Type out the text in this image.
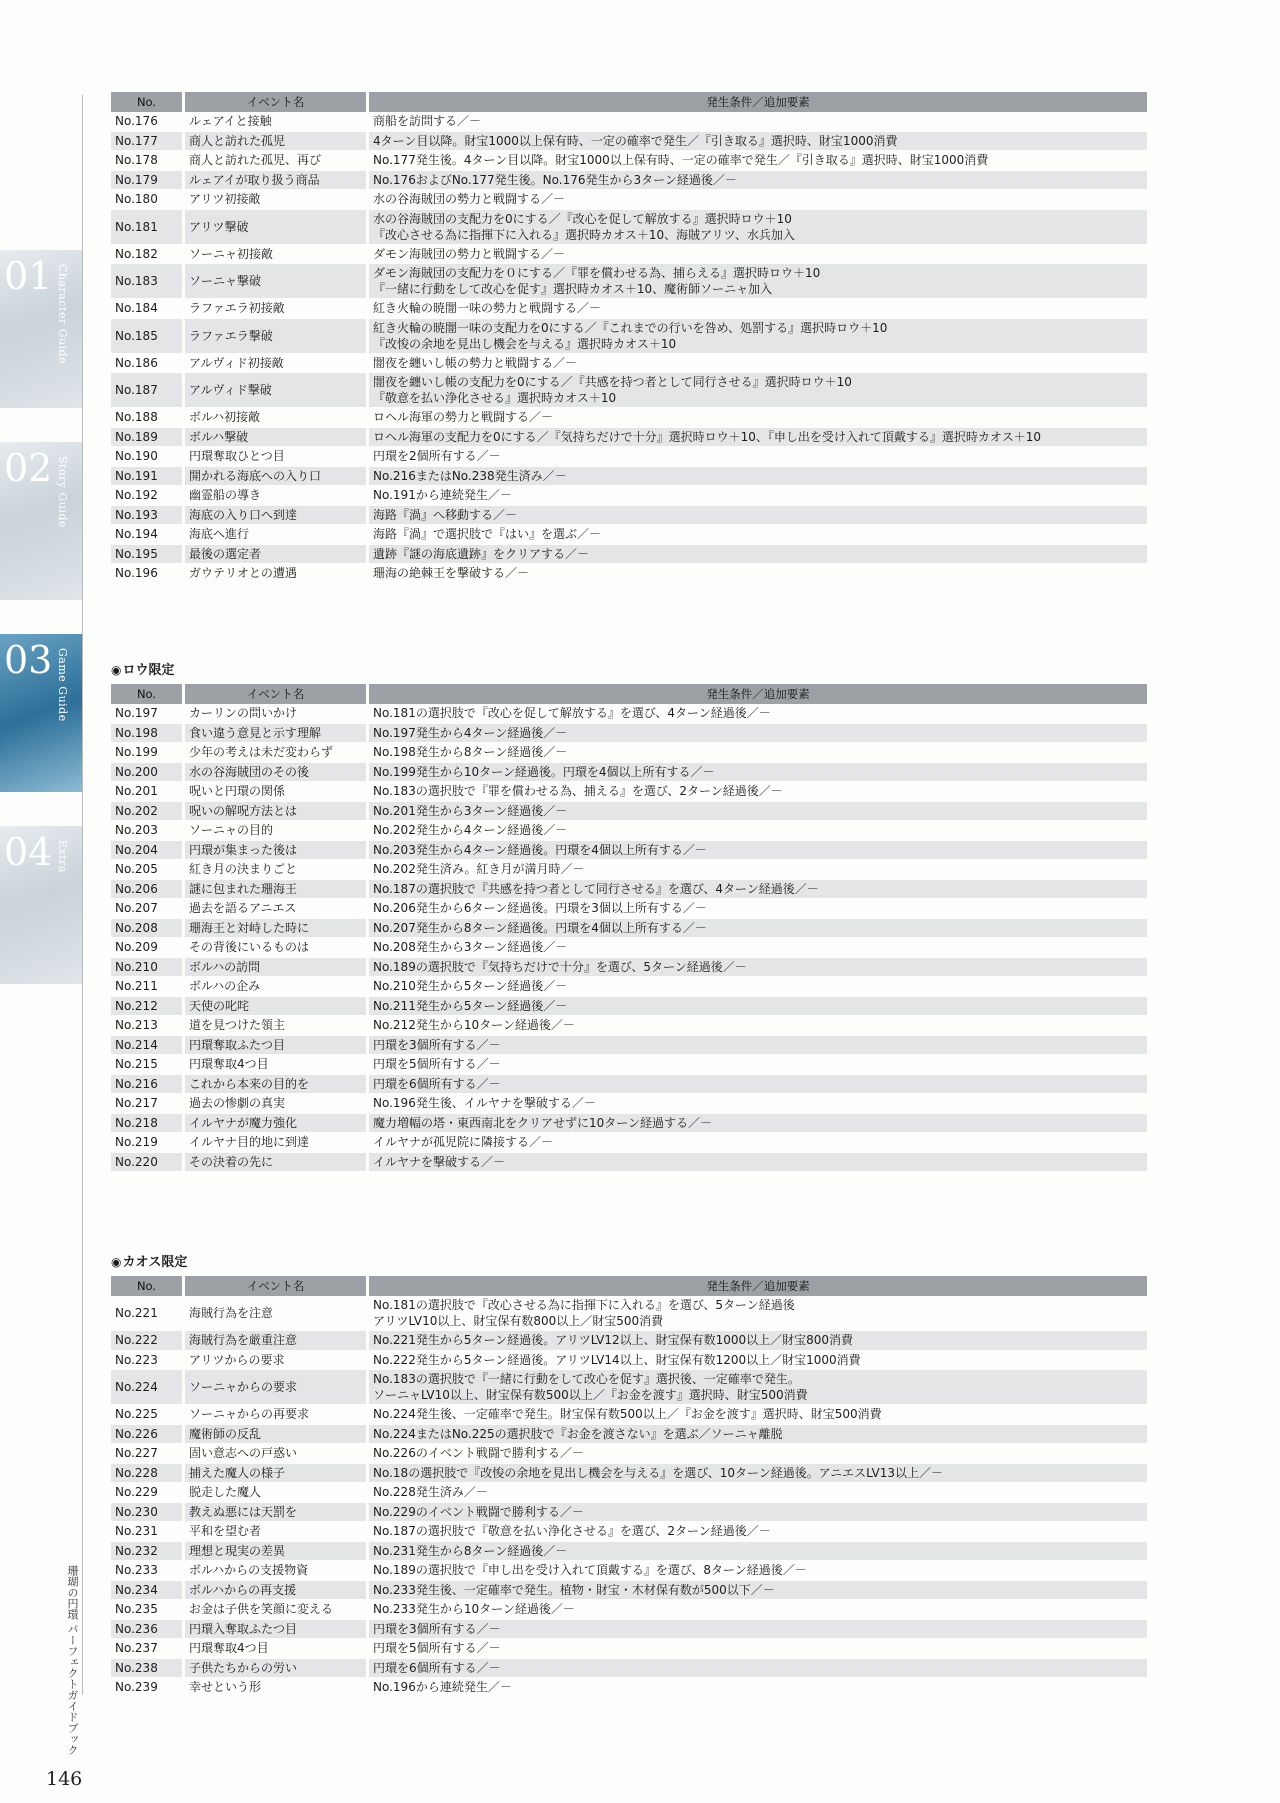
01 Character Guide
02 Story Guide
03 Game Guide
04 Extra
No.	イベント名	発生条件／追加要素
No.176	ルェアイと接触	商船を訪問する／－

No.177	商人と訪れた孤児	4ターン目以降。財宝1000以上保有時、一定の確率で発生／『引き取る』選択時、財宝1000消費

No.178	商人と訪れた孤児、再び	No.177発生後。4ターン目以降。財宝1000以上保有時、一定の確率で発生／『引き取る』選択時、財宝1000消費

No.179	ルェアイが取り扱う商品	No.176およびNo.177発生後。No.176発生から3ターン経過後／－

No.180	アリツ初接敵	水の谷海賊団の勢力と戦闘する／－

No.181	アリツ撃破	水の谷海賊団の支配力を0にする／『改心を促して解放する』選択時ロウ＋10
『改心させる為に指揮下に入れる』選択時カオス＋10、海賊アリツ、水兵加入

No.182	ソーニャ初接敵	ダモン海賊団の勢力と戦闘する／－

No.183	ソーニャ撃破	ダモン海賊団の支配力を０にする／『罪を償わせる為、捕らえる』選択時ロウ＋10
『一緒に行動をして改心を促す』選択時カオス＋10、魔術師ソーニャ加入

No.184	ラファエラ初接敵	紅き火輪の暁闇一味の勢力と戦闘する／－

No.185	ラファエラ撃破	紅き火輪の暁闇一味の支配力を0にする／『これまでの行いを咎め、処罰する』選択時ロウ＋10
『改悛の余地を見出し機会を与える』選択時カオス＋10

No.186	アルヴィド初接敵	闇夜を纏いし帳の勢力と戦闘する／－

No.187	アルヴィド撃破	闇夜を纏いし帳の支配力を0にする／『共感を持つ者として同行させる』選択時ロウ＋10
『敬意を払い浄化させる』選択時カオス＋10

No.188	ボルハ初接敵	ロヘル海軍の勢力と戦闘する／－

No.189	ボルハ撃破	ロヘル海軍の支配力を0にする／『気持ちだけで十分』選択時ロウ＋10、『申し出を受け入れて頂戴する』選択時カオス＋10

No.190	円環奪取ひとつ目	円環を2個所有する／－

No.191	開かれる海底への入り口	No.216またはNo.238発生済み／－

No.192	幽霊船の導き	No.191から連続発生／－

No.193	海底の入り口へ到達	海路『渦』へ移動する／－

No.194	海底へ進行	海路『渦』で選択肢で『はい』を選ぶ／－

No.195	最後の選定者	遺跡『謎の海底遺跡』をクリアする／－

No.196	ガウテリオとの遭遇	珊海の絶棘王を撃破する／－
◉ロウ限定
No.	イベント名	発生条件／追加要素
No.197	カーリンの問いかけ	No.181の選択肢で『改心を促して解放する』を選び、4ターン経過後／－

No.198	食い違う意見と示す理解	No.197発生から4ターン経過後／－

No.199	少年の考えは未だ変わらず	No.198発生から8ターン経過後／－

No.200	水の谷海賊団のその後	No.199発生から10ターン経過後。円環を4個以上所有する／－

No.201	呪いと円環の関係	No.183の選択肢で『罪を償わせる為、捕える』を選び、2ターン経過後／－

No.202	呪いの解呪方法とは	No.201発生から3ターン経過後／－

No.203	ソーニャの目的	No.202発生から4ターン経過後／－

No.204	円環が集まった後は	No.203発生から4ターン経過後。円環を4個以上所有する／－

No.205	紅き月の決まりごと	No.202発生済み。紅き月が満月時／－

No.206	謎に包まれた珊海王	No.187の選択肢で『共感を持つ者として同行させる』を選び、4ターン経過後／－

No.207	過去を語るアニエス	No.206発生から6ターン経過後。円環を3個以上所有する／－

No.208	珊海王と対峙した時に	No.207発生から8ターン経過後。円環を4個以上所有する／－

No.209	その背後にいるものは	No.208発生から3ターン経過後／－

No.210	ボルハの訪問	No.189の選択肢で『気持ちだけで十分』を選び、5ターン経過後／－

No.211	ボルハの企み	No.210発生から5ターン経過後／－

No.212	天使の叱咤	No.211発生から5ターン経過後／－

No.213	道を見つけた領主	No.212発生から10ターン経過後／－

No.214	円環奪取ふたつ目	円環を3個所有する／－

No.215	円環奪取4つ目	円環を5個所有する／－

No.216	これから本来の目的を	円環を6個所有する／－

No.217	過去の惨劇の真実	No.196発生後、イルヤナを撃破する／－

No.218	イルヤナが魔力強化	魔力増幅の塔・東西南北をクリアせずに10ターン経過する／－

No.219	イルヤナ目的地に到達	イルヤナが孤児院に隣接する／－

No.220	その決着の先に	イルヤナを撃破する／－
◉カオス限定
No.	イベント名	発生条件／追加要素
No.221	海賊行為を注意	No.181の選択肢で『改心させる為に指揮下に入れる』を選び、5ターン経過後
アリツLV10以上、財宝保有数800以上／財宝500消費

No.222	海賊行為を厳重注意	No.221発生から5ターン経過後。アリツLV12以上、財宝保有数1000以上／財宝800消費

No.223	アリツからの要求	No.222発生から5ターン経過後。アリツLV14以上、財宝保有数1200以上／財宝1000消費

No.224	ソーニャからの要求	No.183の選択肢で『一緒に行動をして改心を促す』選択後、一定確率で発生。
ソーニャLV10以上、財宝保有数500以上／『お金を渡す』選択時、財宝500消費

No.225	ソーニャからの再要求	No.224発生後、一定確率で発生。財宝保有数500以上／『お金を渡す』選択時、財宝500消費

No.226	魔術師の反乱	No.224またはNo.225の選択肢で『お金を渡さない』を選ぶ／ソーニャ離脱

No.227	固い意志への戸惑い	No.226のイベント戦闘で勝利する／－

No.228	捕えた魔人の様子	No.18の選択肢で『改悛の余地を見出し機会を与える』を選び、10ターン経過後。アニエスLV13以上／－

No.229	脱走した魔人	No.228発生済み／－

No.230	教えぬ悪には天罰を	No.229のイベント戦闘で勝利する／－

No.231	平和を望む者	No.187の選択肢で『敬意を払い浄化させる』を選び、2ターン経過後／－

No.232	理想と現実の差異	No.231発生から8ターン経過後／－

No.233	ボルハからの支援物資	No.189の選択肢で『申し出を受け入れて頂戴する』を選び、8ターン経過後／－

No.234	ボルハからの再支援	No.233発生後、一定確率で発生。植物・財宝・木材保有数が500以下／－

No.235	お金は子供を笑顔に変える	No.233発生から10ターン経過後／－

No.236	円環入奪取ふたつ目	円環を3個所有する／－

No.237	円環奪取4つ目	円環を5個所有する／－

No.238	子供たちからの労い	円環を6個所有する／－

No.239	幸せという形	No.196から連続発生／－
珊瑚の円環 パーフェクトガイドブック
146
